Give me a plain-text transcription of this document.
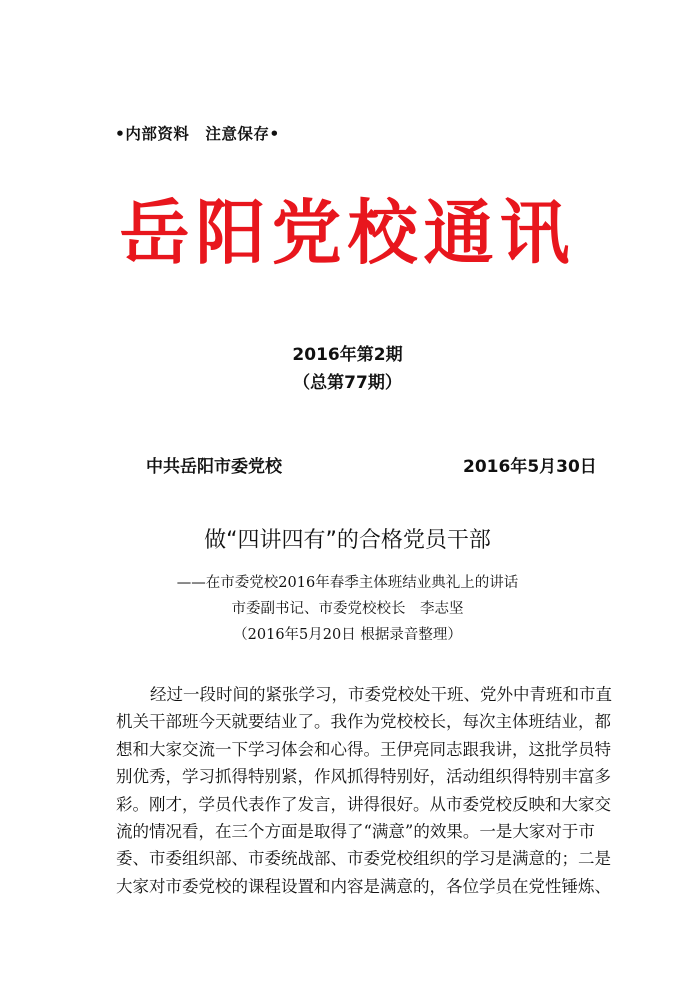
•内部资料　注意保存•
岳阳党校通讯
2016年第2期
（总第77期）
中共岳阳市委党校	2016年5月30日
做“四讲四有”的合格党员干部
——在市委党校2016年春季主体班结业典礼上的讲话
市委副书记、市委党校校长　李志坚
（2016年5月20日 根据录音整理）
经过一段时间的紧张学习，市委党校处干班、党外中青班和市直
机关干部班今天就要结业了。我作为党校校长，每次主体班结业，都
想和大家交流一下学习体会和心得。王伊亮同志跟我讲，这批学员特
别优秀，学习抓得特别紧，作风抓得特别好，活动组织得特别丰富多
彩。刚才，学员代表作了发言，讲得很好。从市委党校反映和大家交
流的情况看，在三个方面是取得了“满意”的效果。一是大家对于市
委、市委组织部、市委统战部、市委党校组织的学习是满意的；二是
大家对市委党校的课程设置和内容是满意的，各位学员在党性锤炼、
